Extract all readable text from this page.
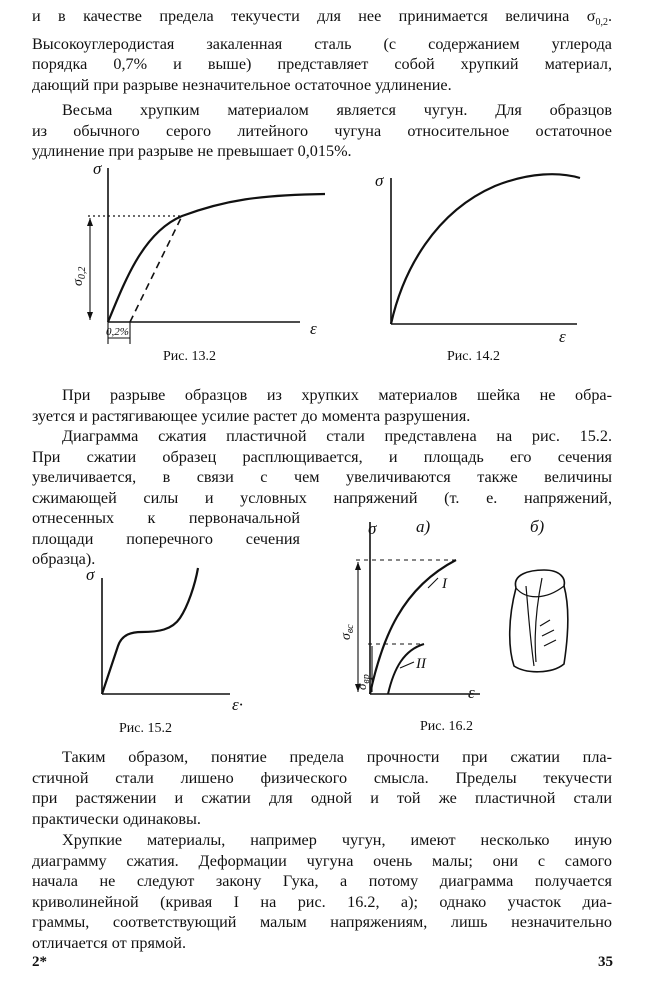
и в качестве предела текучести для нее принимается величина $\sigma_{0,2}$.
Высокоуглеродистая закаленная сталь (с содержанием углерода
порядка 0,7% и выше) представляет собой хрупкий материал,
дающий при разрыве незначительное остаточное удлинение.
Весьма хрупким материалом является чугун. Для образцов
из обычного серого литейного чугуна относительное остаточное
удлинение при разрыве не превышает 0,015%.
σ
ε
$\sigma_{0,2}$
0,2%
Рис. 13.2
σ
ε
Рис. 14.2
При разрыве образцов из хрупких материалов шейка не обра-
зуется и растягивающее усилие растет до момента разрушения.
Диаграмма сжатия пластичной стали представлена на рис. 15.2.
При сжатии образец расплющивается, и площадь его сечения
увеличивается, в связи с чем увеличиваются также величины
сжимающей силы и условных напряжений (т. е. напряжений,
отнесенных к первоначальной
площади поперечного сечения
образца).
σ
ε·
Рис. 15.2
σ а)	б)
I
II
ε
$\sigma_{вс}$
$\sigma_{вр}$
Рис. 16.2
Таким образом, понятие предела прочности при сжатии пла-
стичной стали лишено физического смысла. Пределы текучести
при растяжении и сжатии для одной и той же пластичной стали
практически одинаковы.
Хрупкие материалы, например чугун, имеют несколько иную
диаграмму сжатия. Деформации чугуна очень малы; они с самого
начала не следуют закону Гука, а потому диаграмма получается
криволинейной (кривая I на рис. 16.2, а); однако участок диа-
граммы, соответствующий малым напряжениям, лишь незначительно
отличается от прямой.
2*	35
